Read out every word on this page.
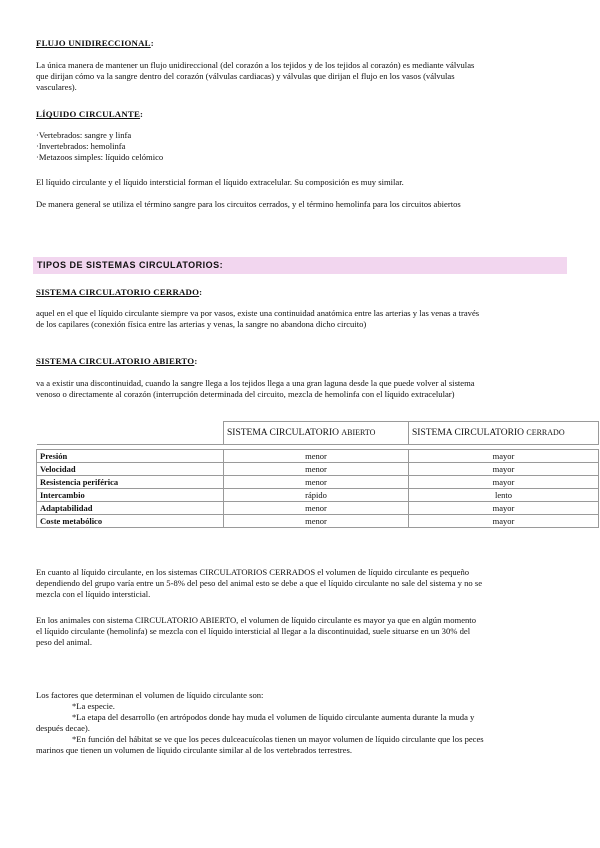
FLUJO UNIDIRECCIONAL:
La única manera de mantener un flujo unidireccional (del corazón a los tejidos y de los tejidos al corazón) es mediante válvulas
que dirijan cómo va la sangre dentro del corazón (válvulas cardiacas) y válvulas que dirijan el flujo en los vasos (válvulas
vasculares).
LÍQUIDO CIRCULANTE:
·Vertebrados: sangre y linfa
·Invertebrados: hemolinfa
·Metazoos simples: líquido celómico
El líquido circulante y el líquido intersticial forman el líquido extracelular. Su composición es muy similar.
De manera general se utiliza el término sangre para los circuitos cerrados, y el término hemolinfa para los circuitos abiertos
TIPOS DE SISTEMAS CIRCULATORIOS:
SISTEMA CIRCULATORIO CERRADO:
aquel en el que el líquido circulante siempre va por vasos, existe una continuidad anatómica entre las arterias y las venas a través
de los capilares (conexión física entre las arterias y venas, la sangre no abandona dicho circuito)
SISTEMA CIRCULATORIO ABIERTO:
va a existir una discontinuidad, cuando la sangre llega a los tejidos llega a una gran laguna desde la que puede volver al sistema
venoso o directamente al corazón (interrupción determinada del circuito, mezcla de hemolinfa con el líquido extracelular)
	SISTEMA CIRCULATORIO ABIERTO	SISTEMA CIRCULATORIO CERRADO

Presión	menor	mayor
Velocidad	menor	mayor
Resistencia periférica	menor	mayor
Intercambio	rápido	lento
Adaptabilidad	menor	mayor
Coste metabólico	menor	mayor
En cuanto al líquido circulante, en los sistemas CIRCULATORIOS CERRADOS el volumen de líquido circulante es pequeño
dependiendo del grupo varía entre un 5-8% del peso del animal esto se debe a que el líquido circulante no sale del sistema y no se
mezcla con el líquido intersticial.
En los animales con sistema CIRCULATORIO ABIERTO, el volumen de líquido circulante es mayor ya que en algún momento
el líquido circulante (hemolinfa) se mezcla con el líquido intersticial al llegar a la discontinuidad, suele situarse en un 30% del
peso del animal.
Los factores que determinan el volumen de líquido circulante son:
*La especie.
*La etapa del desarrollo (en artrópodos donde hay muda el volumen de líquido circulante aumenta durante la muda y
después decae).
*En función del hábitat se ve que los peces dulceacuícolas tienen un mayor volumen de líquido circulante que los peces
marinos que tienen un volumen de líquido circulante similar al de los vertebrados terrestres.
